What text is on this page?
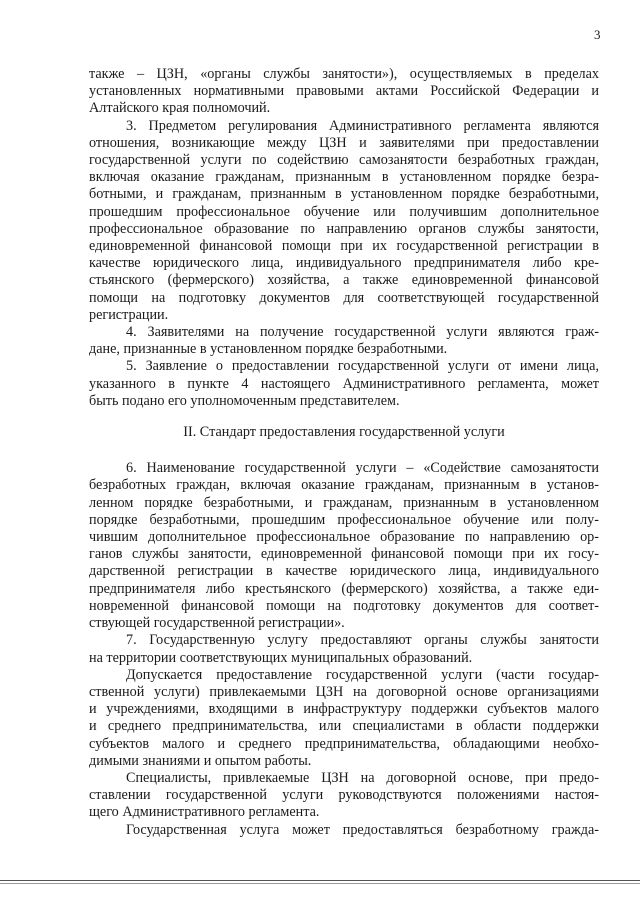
3

также – ЦЗН, «органы службы занятости»), осуществляемых в пределах
установленных нормативными правовыми актами Российской Федерации и
Алтайского края полномочий.

3. Предметом регулирования Административного регламента являются
отношения, возникающие между ЦЗН и заявителями при предоставлении
государственной услуги по содействию самозанятости безработных граждан,
включая оказание гражданам, признанным в установленном порядке безра-
ботными, и гражданам, признанным в установленном порядке безработными,
прошедшим профессиональное обучение или получившим дополнительное
профессиональное образование по направлению органов службы занятости,
единовременной финансовой помощи при их государственной регистрации в
качестве юридического лица, индивидуального предпринимателя либо кре-
стьянского (фермерского) хозяйства, а также единовременной финансовой
помощи на подготовку документов для соответствующей государственной
регистрации.

4. Заявителями на получение государственной услуги являются граж-
дане, признанные в установленном порядке безработными.

5. Заявление о предоставлении государственной услуги от имени лица,
указанного в пункте 4 настоящего Административного регламента, может
быть подано его уполномоченным представителем.

II. Стандарт предоставления государственной услуги

6. Наименование государственной услуги – «Содействие самозанятости
безработных граждан, включая оказание гражданам, признанным в установ-
ленном порядке безработными, и гражданам, признанным в установленном
порядке безработными, прошедшим профессиональное обучение или полу-
чившим дополнительное профессиональное образование по направлению ор-
ганов службы занятости, единовременной финансовой помощи при их госу-
дарственной регистрации в качестве юридического лица, индивидуального
предпринимателя либо крестьянского (фермерского) хозяйства, а также еди-
новременной финансовой помощи на подготовку документов для соответ-
ствующей государственной регистрации».

7. Государственную услугу предоставляют органы службы занятости
на территории соответствующих муниципальных образований.

Допускается предоставление государственной услуги (части государ-
ственной услуги) привлекаемыми ЦЗН на договорной основе организациями
и учреждениями, входящими в инфраструктуру поддержки субъектов малого
и среднего предпринимательства, или специалистами в области поддержки
субъектов малого и среднего предпринимательства, обладающими необхо-
димыми знаниями и опытом работы.

Специалисты, привлекаемые ЦЗН на договорной основе, при предо-
ставлении государственной услуги руководствуются положениями настоя-
щего Административного регламента.

Государственная услуга может предоставляться безработному гражда-
